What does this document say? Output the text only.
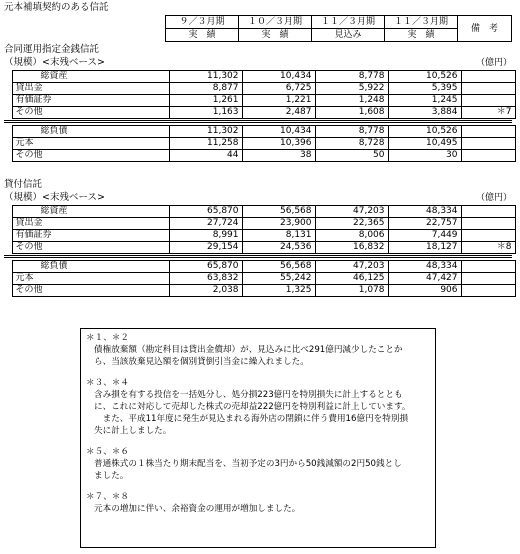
元本補填契約のある信託
９／３月期	１０／３月期	１１／３月期	１１／３月期	備　考
実　績	実　績	見込み	実　績	
合同運用指定金銭信託
（規模）<末残ベース>	（億円）
	総資産	11,302	10,434	8,778	10,526	
	貸出金	8,877	6,725	5,922	5,395	
	有価証券	1,261	1,221	1,248	1,245	
	その他	1,163	2,487	1,608	3,884	＊7
	総負債	11,302	10,434	8,778	10,526	
	元本	11,258	10,396	8,728	10,495	
	その他	44	38	50	30	
貸付信託
（規模）<末残ベース>	（億円）
	総資産	65,870	56,568	47,203	48,334	
	貸出金	27,724	23,900	22,365	22,757	
	有価証券	8,991	8,131	8,006	7,449	
	その他	29,154	24,536	16,832	18,127	＊8
	総負債	65,870	56,568	47,203	48,334	
	元本	63,832	55,242	46,125	47,427	
	その他	2,038	1,325	1,078	906	
＊１、＊２
債権放棄額（勘定科目は貸出金償却）が、見込みに比べ291億円減少したことか
ら、当該放棄見込額を個別貸倒引当金に繰入れました。
＊３、＊４
含み損を有する投信を一括処分し、処分損223億円を特別損失に計上するととも
に、これに対応して売却した株式の売却益222億円を特別利益に計上しています。
　また、平成11年度に発生が見込まれる海外店の閉鎖に伴う費用16億円を特別損
失に計上しました。
＊５、＊６
普通株式の１株当たり期末配当を、当初予定の3円から50銭減額の2円50銭とし
ました。
＊７、＊８
元本の増加に伴い、余裕資金の運用が増加しました。
